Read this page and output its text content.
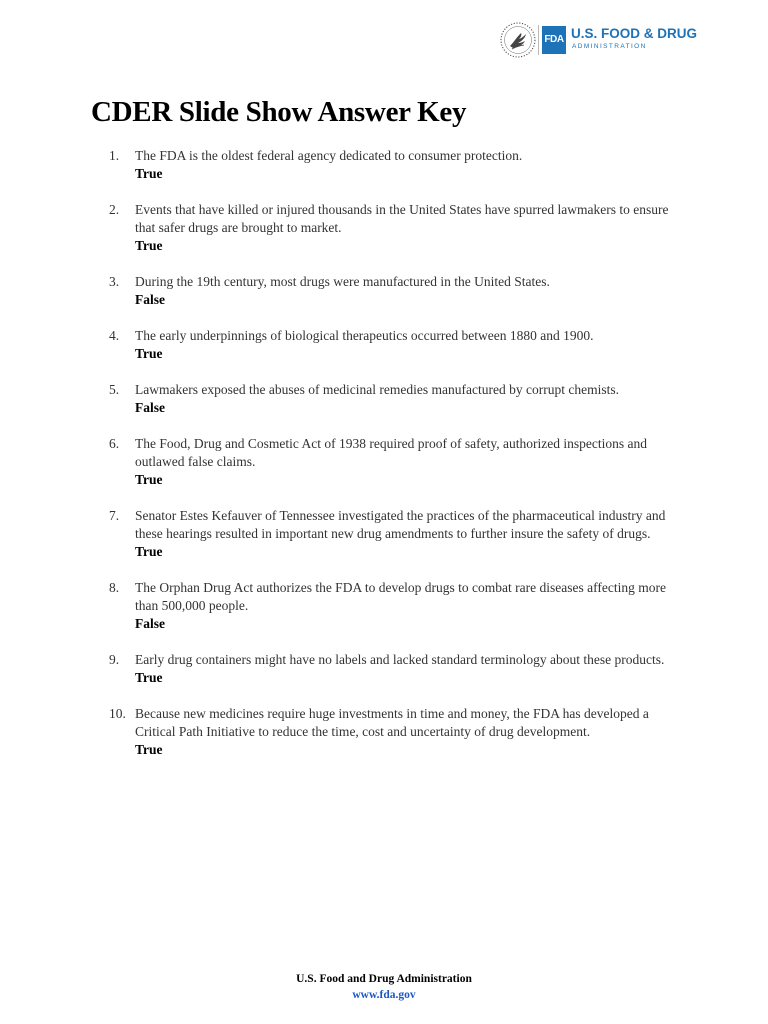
FDA U.S. FOOD & DRUG
ADMINISTRATION
CDER Slide Show Answer Key
1. The FDA is the oldest federal agency dedicated to consumer protection.
True
2. Events that have killed or injured thousands in the United States have spurred lawmakers to ensure that safer drugs are brought to market.
True
3. During the 19th century, most drugs were manufactured in the United States.
False
4. The early underpinnings of biological therapeutics occurred between 1880 and 1900.
True
5. Lawmakers exposed the abuses of medicinal remedies manufactured by corrupt chemists.
False
6. The Food, Drug and Cosmetic Act of 1938 required proof of safety, authorized inspections and outlawed false claims.
True
7. Senator Estes Kefauver of Tennessee investigated the practices of the pharmaceutical industry and these hearings resulted in important new drug amendments to further insure the safety of drugs.
True
8. The Orphan Drug Act authorizes the FDA to develop drugs to combat rare diseases affecting more than 500,000 people.
False
9. Early drug containers might have no labels and lacked standard terminology about these products.
True
10. Because new medicines require huge investments in time and money, the FDA has developed a Critical Path Initiative to reduce the time, cost and uncertainty of drug development.
True
U.S. Food and Drug Administration
www.fda.gov
